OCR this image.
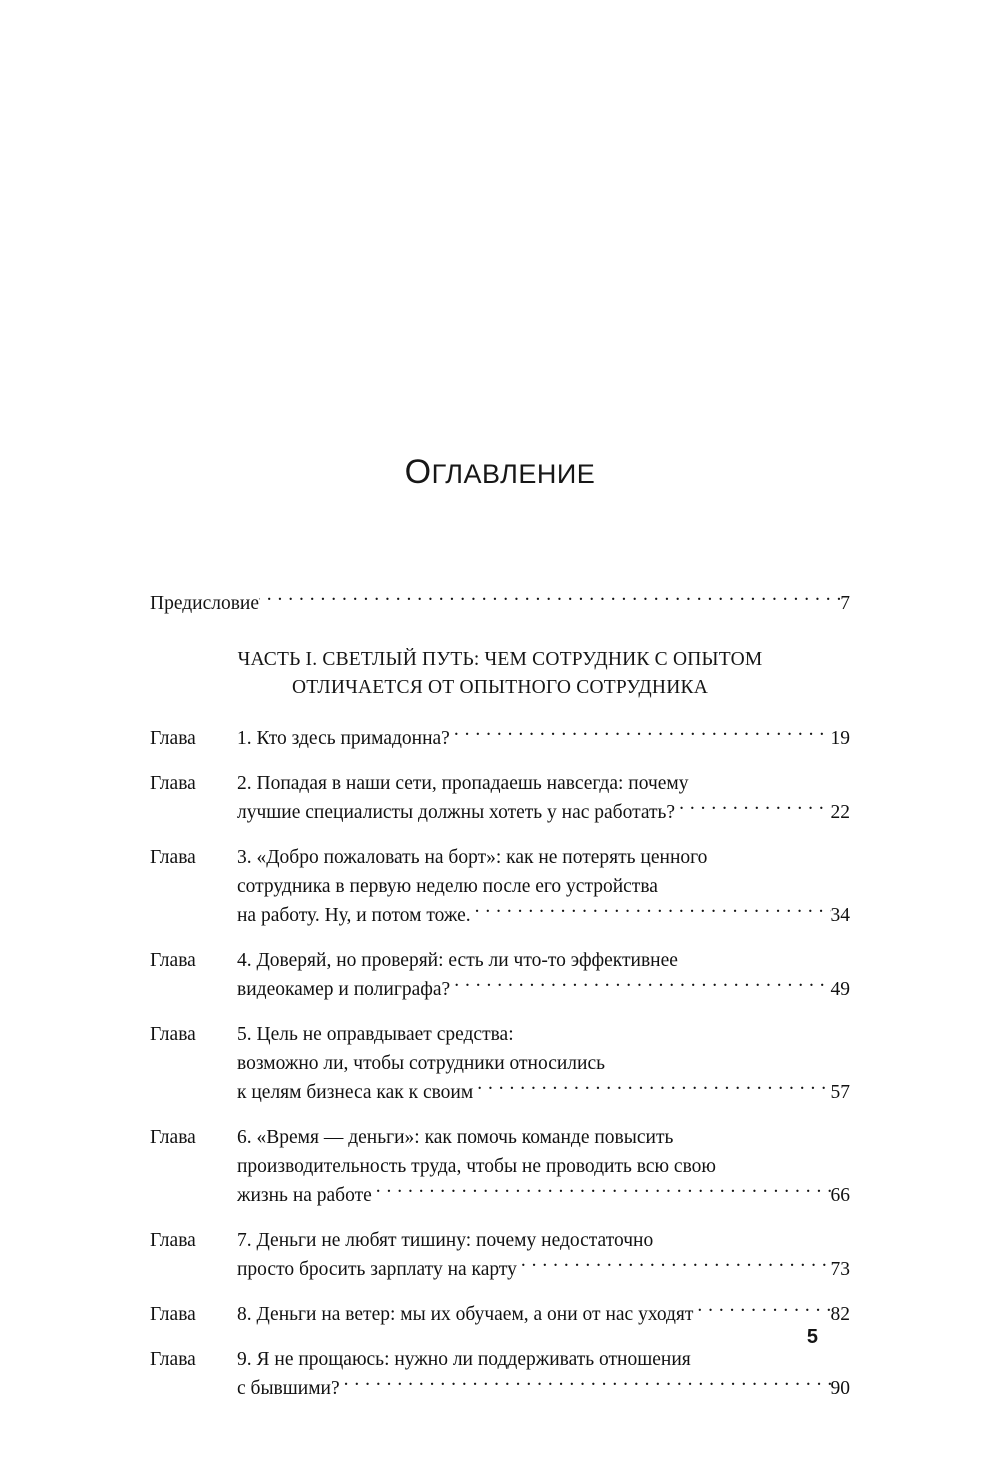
ОГЛАВЛЕНИЕ
Предисловие . . .	7
ЧАСТЬ I. СВЕТЛЫЙ ПУТЬ: ЧЕМ СОТРУДНИК С ОПЫТОМ
ОТЛИЧАЕТСЯ ОТ ОПЫТНОГО СОТРУДНИКА
Глава	1. Кто здесь примадонна? . . .	19
Глава	2. Попадая в наши сети, пропадаешь навсегда: почему
лучшие специалисты должны хотеть у нас работать? . . .	22
Глава	3. «Добро пожаловать на борт»: как не потерять ценного
сотрудника в первую неделю после его устройства
на работу. Ну, и потом тоже. . . .	34
Глава	4. Доверяй, но проверяй: есть ли что-то эффективнее
видеокамер и полиграфа? . . .	49
Глава	5. Цель не оправдывает средства:
возможно ли, чтобы сотрудники относились
к целям бизнеса как к своим . . .	57
Глава	6. «Время — деньги»: как помочь команде повысить
производительность труда, чтобы не проводить всю свою
жизнь на работе . . .	66
Глава	7. Деньги не любят тишину: почему недостаточно
просто бросить зарплату на карту . . .	73
Глава	8. Деньги на ветер: мы их обучаем, а они от нас уходят . . .	82
Глава	9. Я не прощаюсь: нужно ли поддерживать отношения
с бывшими? . . .	90
5
